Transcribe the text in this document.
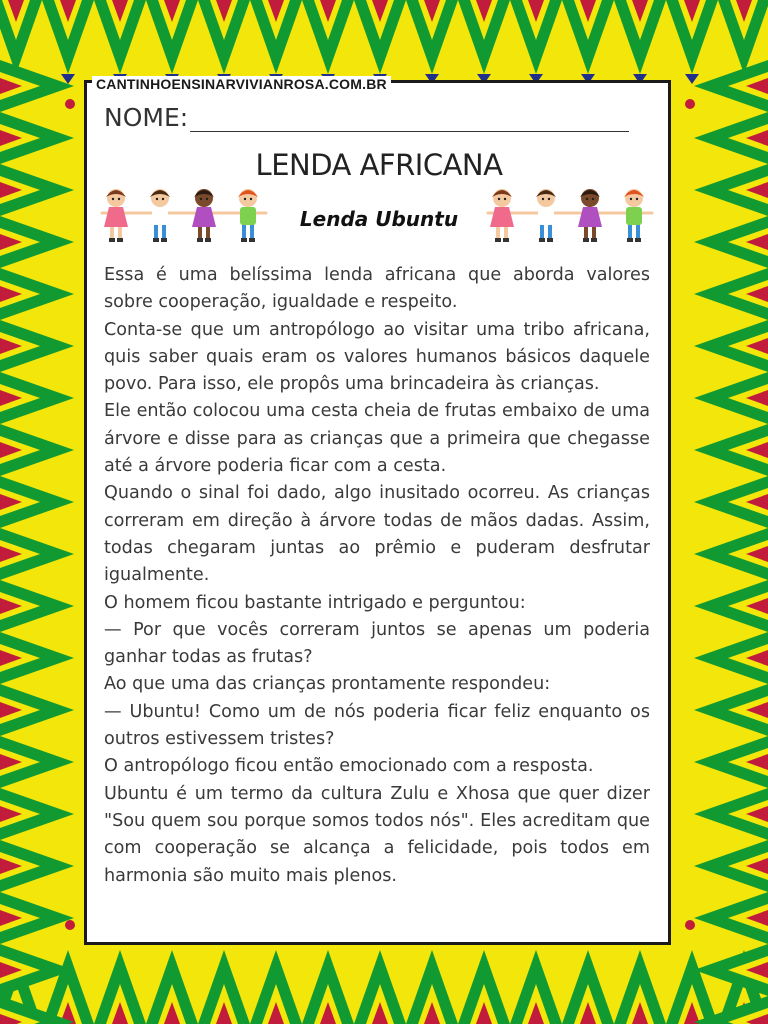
CANTINHOENSINARVIVIANROSA.COM.BR
NOME:
LENDA AFRICANA
Lenda Ubuntu

Essa é uma belíssima lenda africana que aborda valores sobre cooperação, igualdade e respeito.

Conta-se que um antropólogo ao visitar uma tribo africana, quis saber quais eram os valores humanos básicos daquele povo. Para isso, ele propôs uma brincadeira às crianças.

Ele então colocou uma cesta cheia de frutas embaixo de uma árvore e disse para as crianças que a primeira que chegasse até a árvore poderia ficar com a cesta.

Quando o sinal foi dado, algo inusitado ocorreu. As crianças correram em direção à árvore todas de mãos dadas. Assim, todas chegaram juntas ao prêmio e puderam desfrutar igualmente.

O homem ficou bastante intrigado e perguntou:

— Por que vocês correram juntos se apenas um poderia ganhar todas as frutas?

Ao que uma das crianças prontamente respondeu:

— Ubuntu! Como um de nós poderia ficar feliz enquanto os outros estivessem tristes?

O antropólogo ficou então emocionado com a resposta.

Ubuntu é um termo da cultura Zulu e Xhosa que quer dizer "Sou quem sou porque somos todos nós". Eles acreditam que com cooperação se alcança a felicidade, pois todos em harmonia são muito mais plenos.
